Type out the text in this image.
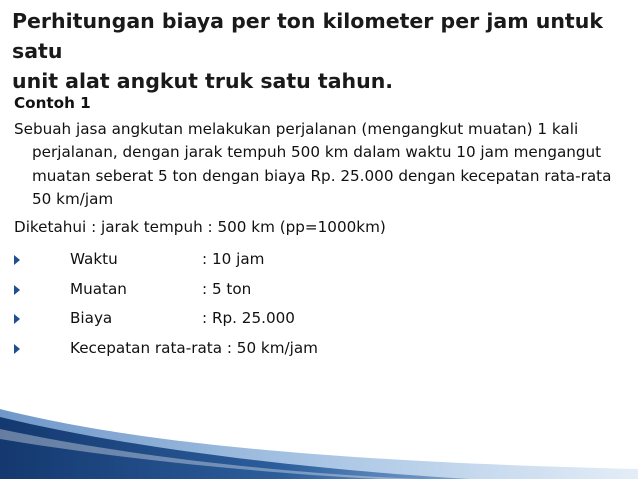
Perhitungan biaya per ton kilometer per jam untuk satu
unit alat angkut truk satu tahun.

Contoh 1

Sebuah jasa angkutan melakukan perjalanan (mengangkut muatan) 1 kali perjalanan, dengan jarak tempuh 500 km dalam waktu 10 jam mengangut muatan seberat 5 ton dengan biaya Rp. 25.000 dengan kecepatan rata-rata 50 km/jam

Diketahui : jarak tempuh : 500 km (pp=1000km)

Waktu	: 10 jam
Muatan	: 5 ton
Biaya	: Rp. 25.000
Kecepatan rata-rata : 50 km/jam
